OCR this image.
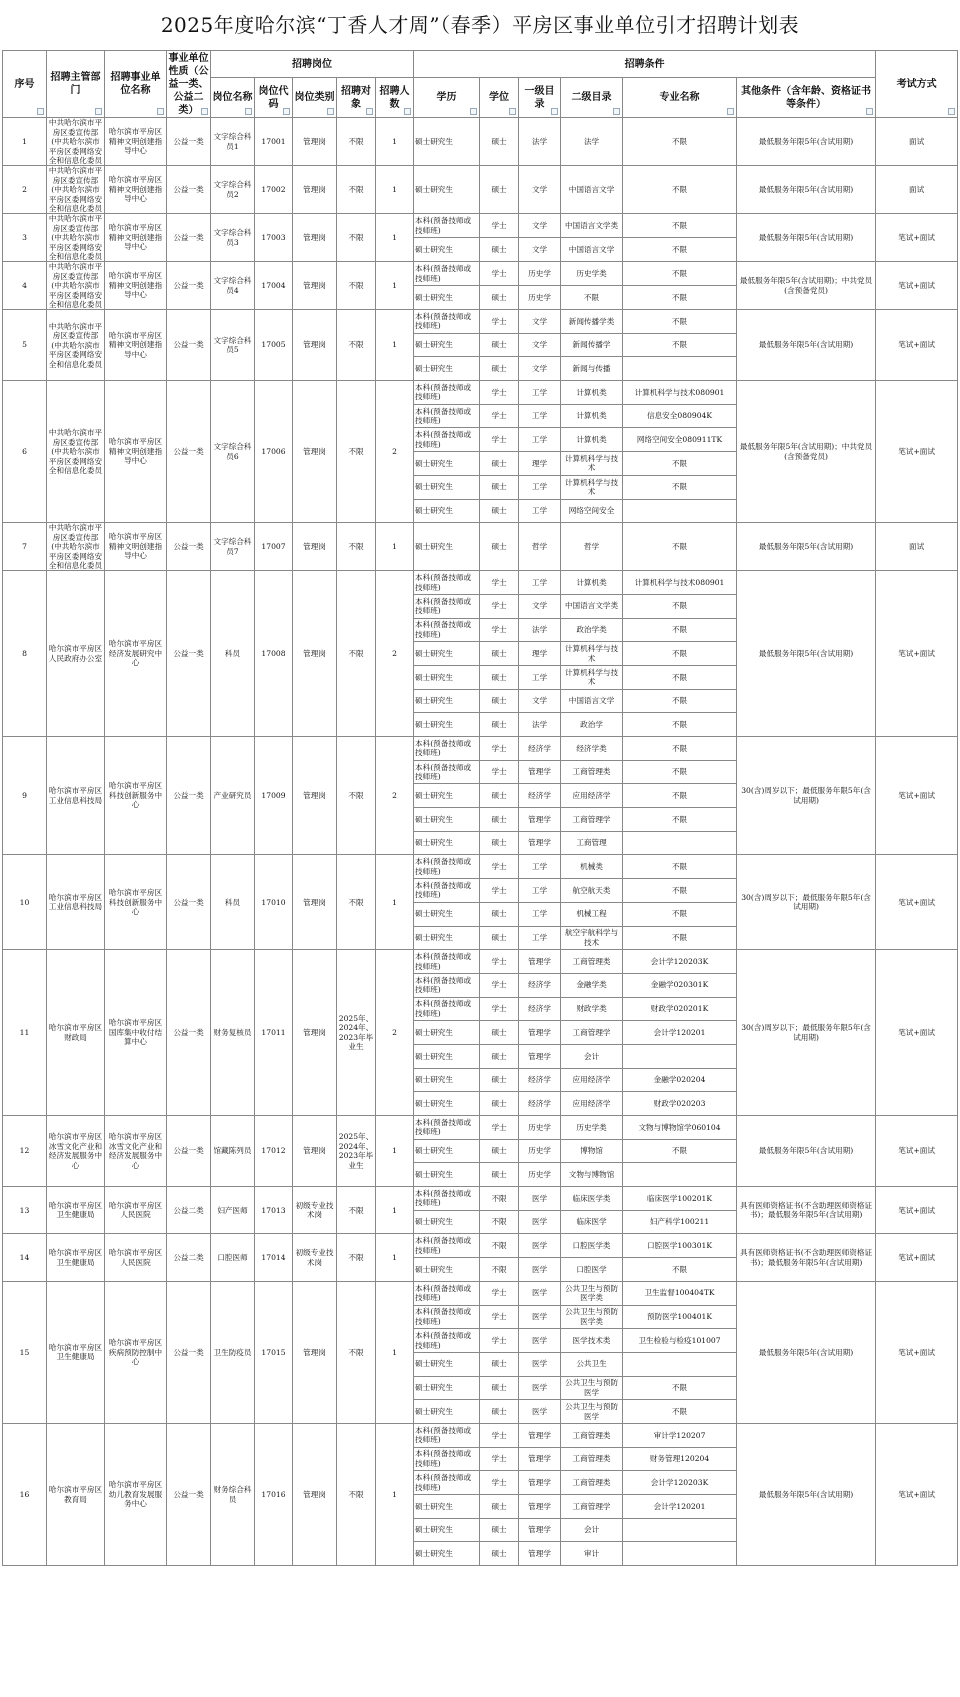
2025年度哈尔滨“丁香人才周”（春季）平房区事业单位引才招聘计划表
序号	招聘主管部门	招聘事业单位名称	事业单位性质（公益一类、公益二类）	招聘岗位					招聘条件						考试方式
				岗位名称	岗位代码	岗位类别	招聘对象	招聘人数	学历	学位	一级目录	二级目录	专业名称	其他条件（含年龄、资格证书等条件）	
1	中共哈尔滨市平房区委宣传部(中共哈尔滨市平房区委网络安全和信息化委员	哈尔滨市平房区精神文明创建指导中心	公益一类	文字综合科员1	17001	管理岗	不限	1	硕士研究生	硕士	法学	法学	不限	最低服务年限5年(含试用期)	面试
2	中共哈尔滨市平房区委宣传部(中共哈尔滨市平房区委网络安全和信息化委员	哈尔滨市平房区精神文明创建指导中心	公益一类	文字综合科员2	17002	管理岗	不限	1	硕士研究生	硕士	文学	中国语言文学	不限	最低服务年限5年(含试用期)	面试
3	中共哈尔滨市平房区委宣传部(中共哈尔滨市平房区委网络安全和信息化委员	哈尔滨市平房区精神文明创建指导中心	公益一类	文字综合科员3	17003	管理岗	不限	1	本科(预备技师或技师班)	学士	文学	中国语言文学类	不限	最低服务年限5年(含试用期)	笔试+面试
									硕士研究生	硕士	文学	中国语言文学	不限		
4	中共哈尔滨市平房区委宣传部(中共哈尔滨市平房区委网络安全和信息化委员	哈尔滨市平房区精神文明创建指导中心	公益一类	文字综合科员4	17004	管理岗	不限	1	本科(预备技师或技师班)	学士	历史学	历史学类	不限	最低服务年限5年(含试用期)；中共党员(含预备党员)	笔试+面试
									硕士研究生	硕士	历史学	不限	不限		
5	中共哈尔滨市平房区委宣传部(中共哈尔滨市平房区委网络安全和信息化委员	哈尔滨市平房区精神文明创建指导中心	公益一类	文字综合科员5	17005	管理岗	不限	1	本科(预备技师或技师班)	学士	文学	新闻传播学类	不限	最低服务年限5年(含试用期)	笔试+面试
									硕士研究生	硕士	文学	新闻传播学	不限		
									硕士研究生	硕士	文学	新闻与传播			
6	中共哈尔滨市平房区委宣传部(中共哈尔滨市平房区委网络安全和信息化委员	哈尔滨市平房区精神文明创建指导中心	公益一类	文字综合科员6	17006	管理岗	不限	2	本科(预备技师或技师班)	学士	工学	计算机类	计算机科学与技术080901	最低服务年限5年(含试用期)；中共党员(含预备党员)	笔试+面试
									本科(预备技师或技师班)	学士	工学	计算机类	信息安全080904K		
									本科(预备技师或技师班)	学士	工学	计算机类	网络空间安全080911TK		
									硕士研究生	硕士	理学	计算机科学与技术	不限		
									硕士研究生	硕士	工学	计算机科学与技术	不限		
									硕士研究生	硕士	工学	网络空间安全			
7	中共哈尔滨市平房区委宣传部(中共哈尔滨市平房区委网络安全和信息化委员	哈尔滨市平房区精神文明创建指导中心	公益一类	文字综合科员7	17007	管理岗	不限	1	硕士研究生	硕士	哲学	哲学	不限	最低服务年限5年(含试用期)	面试
8	哈尔滨市平房区人民政府办公室	哈尔滨市平房区经济发展研究中心	公益一类	科员	17008	管理岗	不限	2	本科(预备技师或技师班)	学士	工学	计算机类	计算机科学与技术080901	最低服务年限5年(含试用期)	笔试+面试
									本科(预备技师或技师班)	学士	文学	中国语言文学类	不限		
									本科(预备技师或技师班)	学士	法学	政治学类	不限		
									硕士研究生	硕士	理学	计算机科学与技术	不限		
									硕士研究生	硕士	工学	计算机科学与技术	不限		
									硕士研究生	硕士	文学	中国语言文学	不限		
									硕士研究生	硕士	法学	政治学	不限		
9	哈尔滨市平房区工业信息科技局	哈尔滨市平房区科技创新服务中心	公益一类	产业研究员	17009	管理岗	不限	2	本科(预备技师或技师班)	学士	经济学	经济学类	不限	30(含)周岁以下；最低服务年限5年(含试用期)	笔试+面试
									本科(预备技师或技师班)	学士	管理学	工商管理类	不限		
									硕士研究生	硕士	经济学	应用经济学	不限		
									硕士研究生	硕士	管理学	工商管理学	不限		
									硕士研究生	硕士	管理学	工商管理			
10	哈尔滨市平房区工业信息科技局	哈尔滨市平房区科技创新服务中心	公益一类	科员	17010	管理岗	不限	1	本科(预备技师或技师班)	学士	工学	机械类	不限	30(含)周岁以下；最低服务年限5年(含试用期)	笔试+面试
									本科(预备技师或技师班)	学士	工学	航空航天类	不限		
									硕士研究生	硕士	工学	机械工程	不限		
									硕士研究生	硕士	工学	航空宇航科学与技术	不限		
11	哈尔滨市平房区财政局	哈尔滨市平房区国库集中收付结算中心	公益一类	财务复核员	17011	管理岗	2025年、2024年、2023年毕业生	2	本科(预备技师或技师班)	学士	管理学	工商管理类	会计学120203K	30(含)周岁以下；最低服务年限5年(含试用期)	笔试+面试
									本科(预备技师或技师班)	学士	经济学	金融学类	金融学020301K		
									本科(预备技师或技师班)	学士	经济学	财政学类	财政学020201K		
									硕士研究生	硕士	管理学	工商管理学	会计学120201		
									硕士研究生	硕士	管理学	会计			
									硕士研究生	硕士	经济学	应用经济学	金融学020204		
									硕士研究生	硕士	经济学	应用经济学	财政学020203		
12	哈尔滨市平房区冰雪文化产业和经济发展服务中心	哈尔滨市平房区冰雪文化产业和经济发展服务中心	公益一类	馆藏陈列员	17012	管理岗	2025年、2024年、2023年毕业生	1	本科(预备技师或技师班)	学士	历史学	历史学类	文物与博物馆学060104	最低服务年限5年(含试用期)	笔试+面试
									硕士研究生	硕士	历史学	博物馆	不限		
									硕士研究生	硕士	历史学	文物与博物馆			
13	哈尔滨市平房区卫生健康局	哈尔滨市平房区人民医院	公益二类	妇产医师	17013	初级专业技术岗	不限	1	本科(预备技师或技师班)	不限	医学	临床医学类	临床医学100201K	具有医师资格证书(不含助理医师资格证书)；最低服务年限5年(含试用期)	笔试+面试
									硕士研究生	不限	医学	临床医学	妇产科学100211		
14	哈尔滨市平房区卫生健康局	哈尔滨市平房区人民医院	公益二类	口腔医师	17014	初级专业技术岗	不限	1	本科(预备技师或技师班)	不限	医学	口腔医学类	口腔医学100301K	具有医师资格证书(不含助理医师资格证书)；最低服务年限5年(含试用期)	笔试+面试
									硕士研究生	不限	医学	口腔医学	不限		
15	哈尔滨市平房区卫生健康局	哈尔滨市平房区疾病预防控制中心	公益一类	卫生防疫员	17015	管理岗	不限	1	本科(预备技师或技师班)	学士	医学	公共卫生与预防医学类	卫生监督100404TK	最低服务年限5年(含试用期)	笔试+面试
									本科(预备技师或技师班)	学士	医学	公共卫生与预防医学类	预防医学100401K		
									本科(预备技师或技师班)	学士	医学	医学技术类	卫生检验与检疫101007		
									硕士研究生	硕士	医学	公共卫生			
									硕士研究生	硕士	医学	公共卫生与预防医学	不限		
									硕士研究生	硕士	医学	公共卫生与预防医学	不限		
16	哈尔滨市平房区教育局	哈尔滨市平房区幼儿教育发展服务中心	公益一类	财务综合科员	17016	管理岗	不限	1	本科(预备技师或技师班)	学士	管理学	工商管理类	审计学120207	最低服务年限5年(含试用期)	笔试+面试
									本科(预备技师或技师班)	学士	管理学	工商管理类	财务管理120204		
									本科(预备技师或技师班)	学士	管理学	工商管理类	会计学120203K		
									硕士研究生	硕士	管理学	工商管理学	会计学120201		
									硕士研究生	硕士	管理学	会计			
									硕士研究生	硕士	管理学	审计			
